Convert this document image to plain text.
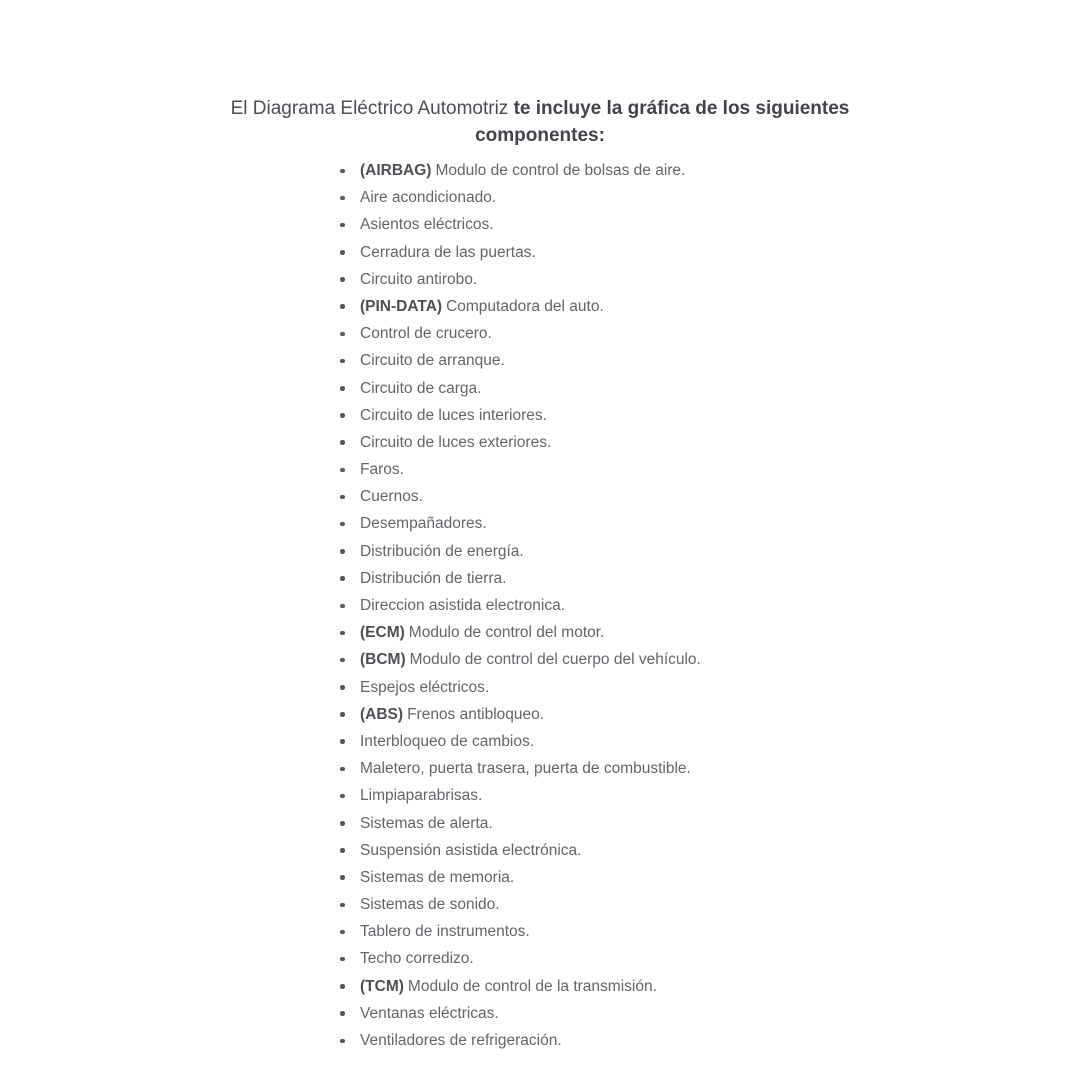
El Diagrama Eléctrico Automotriz te incluye la gráfica de los siguientes componentes:

(AIRBAG) Modulo de control de bolsas de aire.
Aire acondicionado.
Asientos eléctricos.
Cerradura de las puertas.
Circuito antirobo.
(PIN-DATA) Computadora del auto.
Control de crucero.
Circuito de arranque.
Circuito de carga.
Circuito de luces interiores.
Circuito de luces exteriores.
Faros.
Cuernos.
Desempañadores.
Distribución de energía.
Distribución de tierra.
Direccion asistida electronica.
(ECM) Modulo de control del motor.
(BCM) Modulo de control del cuerpo del vehículo.
Espejos eléctricos.
(ABS) Frenos antibloqueo.
Interbloqueo de cambios.
Maletero, puerta trasera, puerta de combustible.
Limpiaparabrisas.
Sistemas de alerta.
Suspensión asistida electrónica.
Sistemas de memoria.
Sistemas de sonido.
Tablero de instrumentos.
Techo corredizo.
(TCM) Modulo de control de la transmisión.
Ventanas eléctricas.
Ventiladores de refrigeración.
